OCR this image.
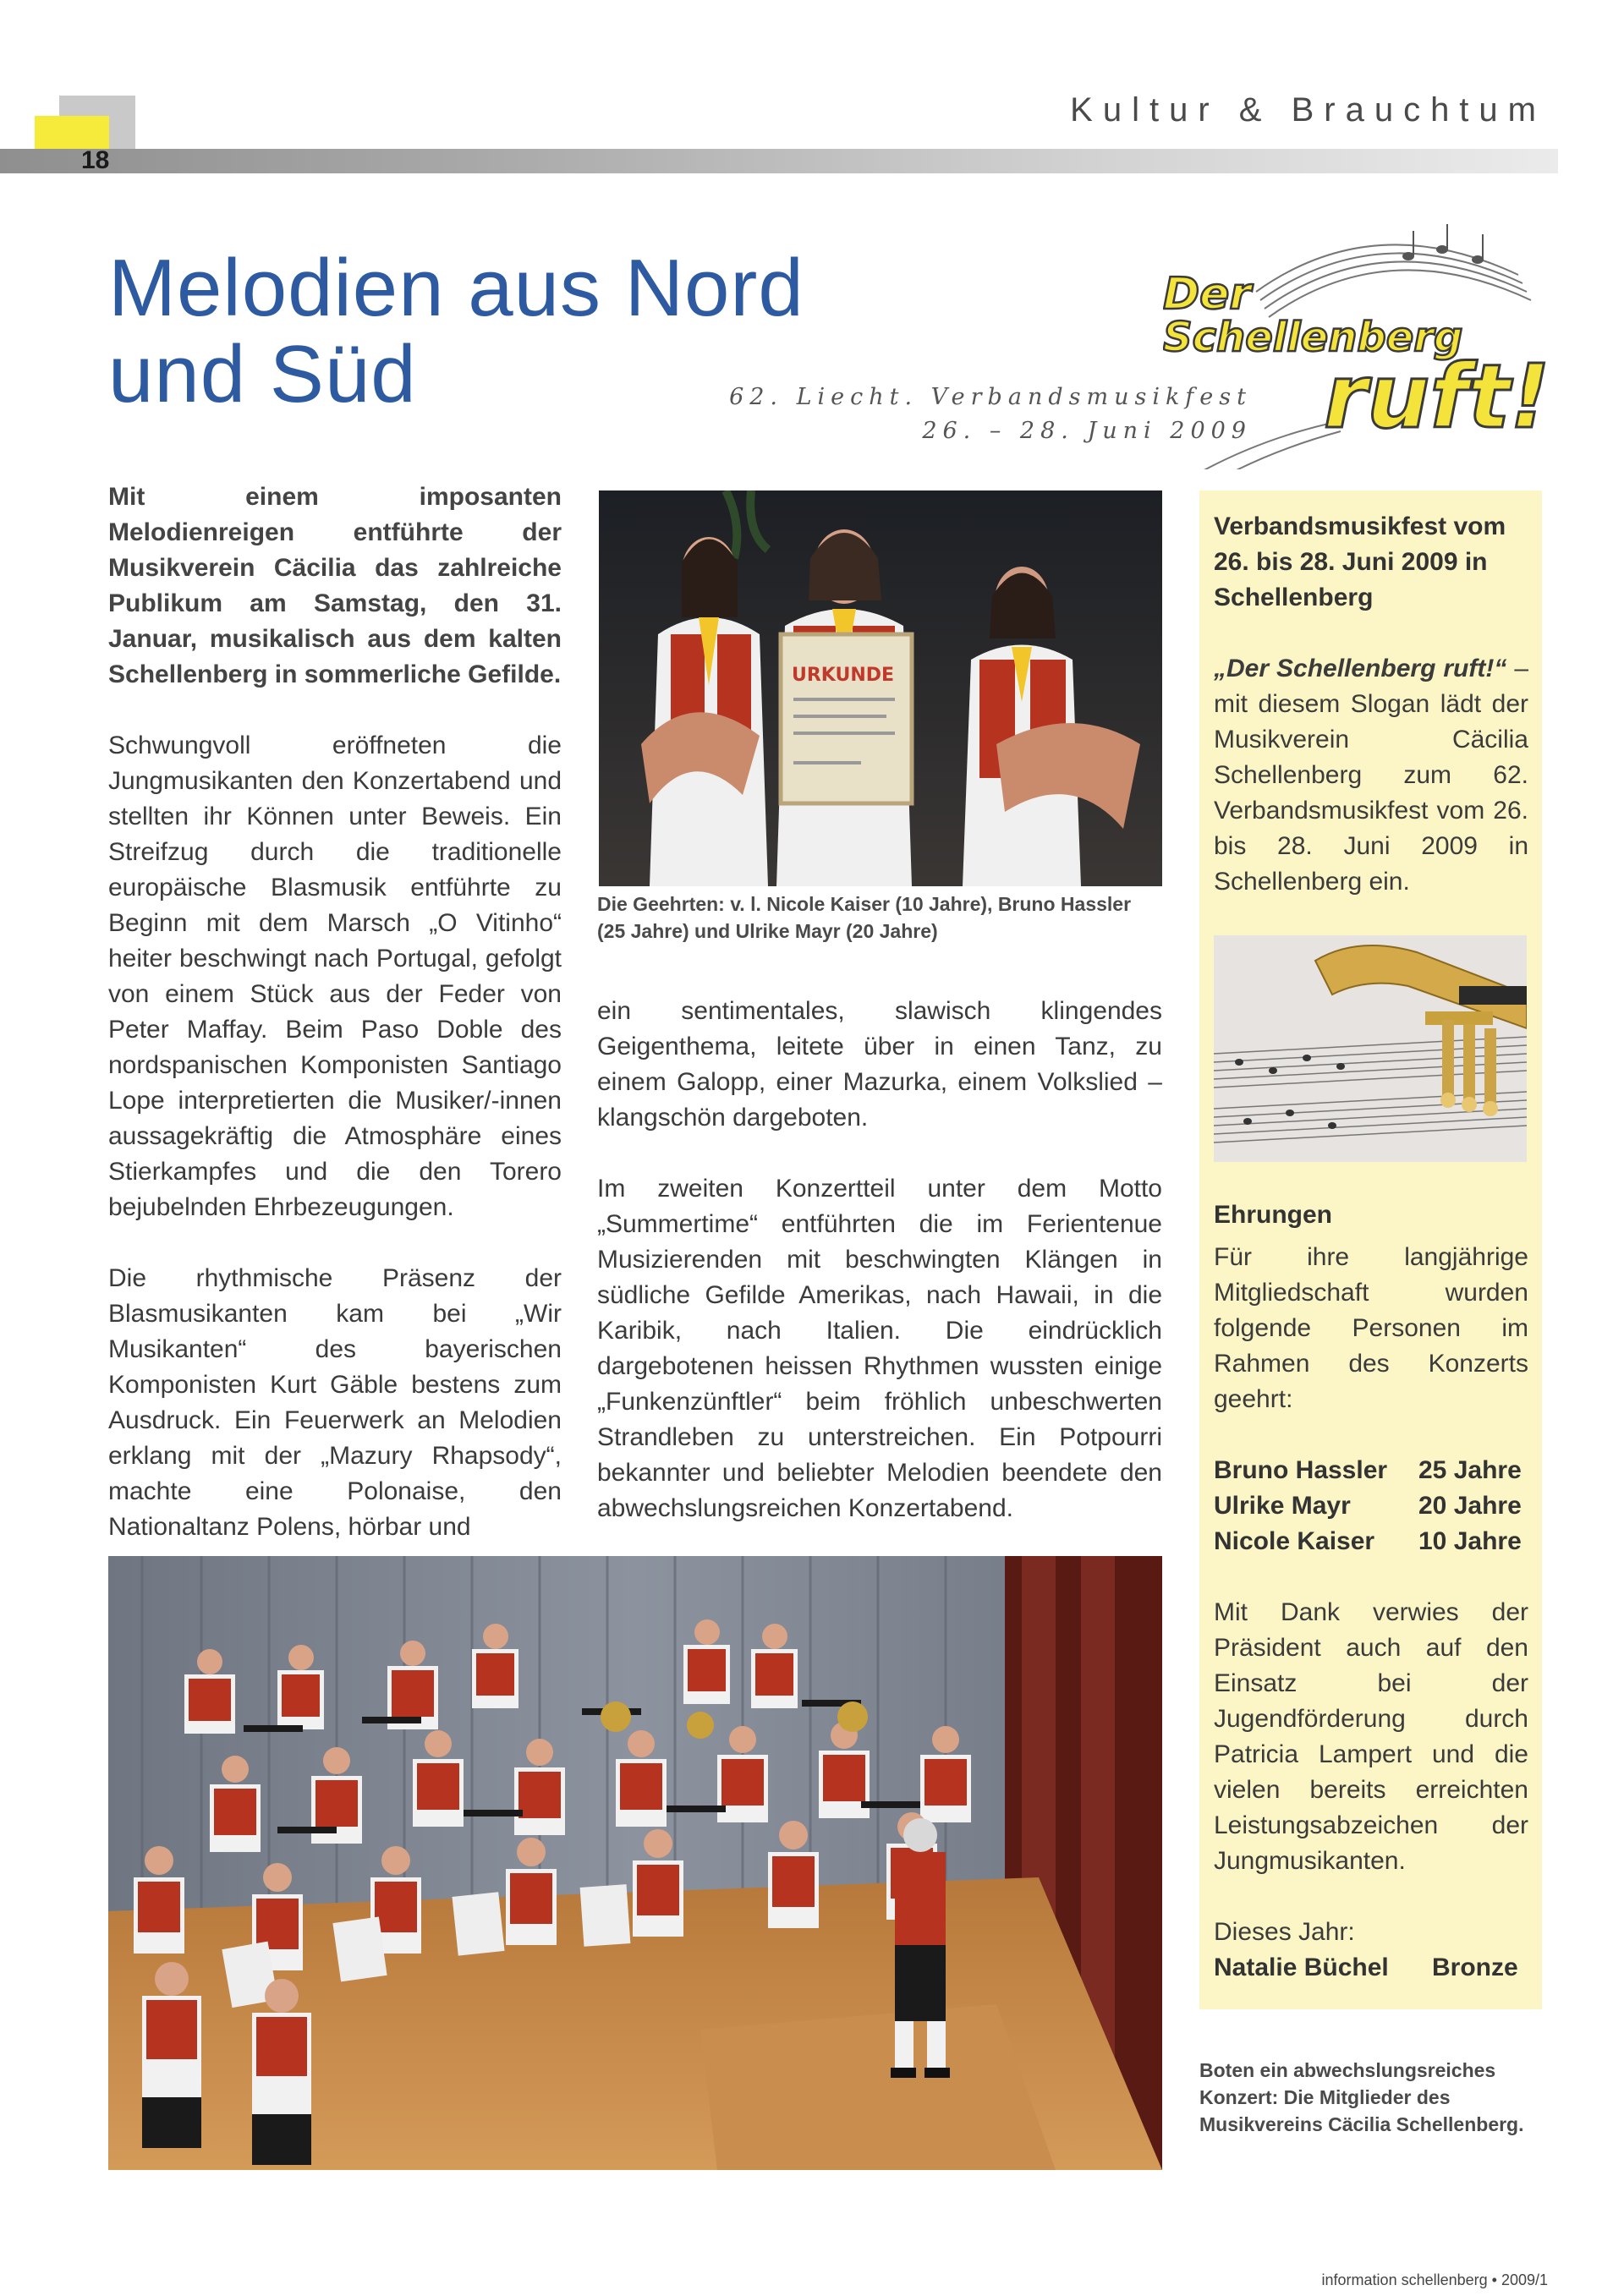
18
Kultur & Brauchtum
Melodien aus Nord
und Süd	62. Liecht. Verbandsmusikfest
26. – 28. Juni 2009
Der
Schellenberg
ruft!

Mit einem imposanten Melodienreigen entführte der Musikverein Cäcilia das zahlreiche Publikum am Samstag, den 31. Januar, musikalisch aus dem kalten Schellenberg in sommerliche Gefilde.

Schwungvoll eröffneten die Jungmusikanten den Konzertabend und stellten ihr Können unter Beweis. Ein Streifzug durch die traditionelle europäische Blasmusik entführte zu Beginn mit dem Marsch „O Vitinho“ heiter beschwingt nach Portugal, gefolgt von einem Stück aus der Feder von Peter Maffay. Beim Paso Doble des nordspanischen Komponisten Santiago Lope interpretierten die Musiker/-innen aussagekräftig die Atmosphäre eines Stierkampfes und die den Torero bejubelnden Ehrbezeugungen.

Die rhythmische Präsenz der Blasmusikanten kam bei „Wir Musikanten“ des bayerischen Komponisten Kurt Gäble bestens zum Ausdruck. Ein Feuerwerk an Melodien erklang mit der „Mazury Rhapsody“, machte eine Polonaise, den Nationaltanz Polens, hörbar und

URKUNDE
Die Geehrten: v. l. Nicole Kaiser (10 Jahre), Bruno Hassler (25 Jahre) und Ulrike Mayr (20 Jahre)

ein sentimentales, slawisch klingendes Geigenthema, leitete über in einen Tanz, zu einem Galopp, einer Mazurka, einem Volkslied – klangschön dargeboten.

Im zweiten Konzertteil unter dem Motto „Summertime“ entführten die im Ferientenue Musizierenden mit beschwingten Klängen in südliche Gefilde Amerikas, nach Hawaii, in die Karibik, nach Italien. Die eindrücklich dargebotenen heissen Rhythmen wussten einige „Funkenzünftler“ beim fröhlich unbeschwerten Strandleben zu unterstreichen. Ein Potpourri bekannter und beliebter Melodien beendete den abwechslungsreichen Konzertabend.

Verbandsmusikfest vom 26. bis 28. Juni 2009 in Schellenberg

„Der Schellenberg ruft!“ – mit diesem Slogan lädt der Musikverein Cäcilia Schellenberg zum 62. Verbandsmusikfest vom 26. bis 28. Juni 2009 in Schellenberg ein.

Ehrungen

Für ihre langjährige Mitgliedschaft wurden folgende Personen im Rahmen des Konzerts geehrt:

Bruno Hassler	25 Jahre
Ulrike Mayr	20 Jahre
Nicole Kaiser	10 Jahre

Mit Dank verwies der Präsident auch auf den Einsatz bei der Jugendförderung durch Patricia Lampert und die vielen bereits erreichten Leistungsabzeichen der Jungmusikanten.

Dieses Jahr:

Natalie Büchel	Bronze
Boten ein abwechslungsreiches Konzert: Die Mitglieder des Musikvereins Cäcilia Schellenberg.
information schellenberg • 2009/1
